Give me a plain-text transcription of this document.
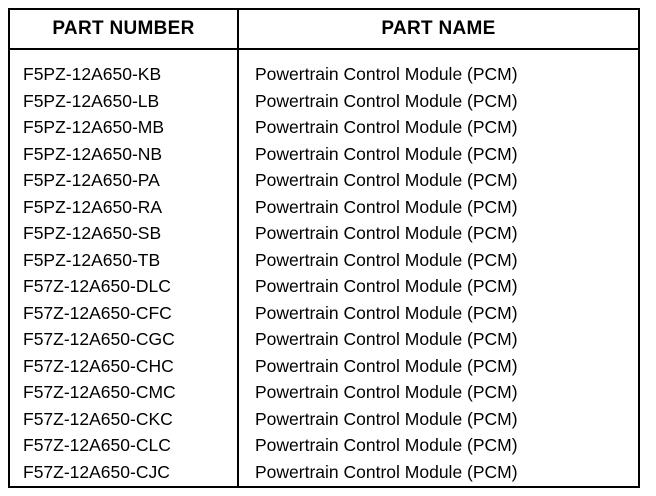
PART NUMBER	PART NAME
F5PZ-12A650-KB
F5PZ-12A650-LB
F5PZ-12A650-MB
F5PZ-12A650-NB
F5PZ-12A650-PA
F5PZ-12A650-RA
F5PZ-12A650-SB
F5PZ-12A650-TB
F57Z-12A650-DLC
F57Z-12A650-CFC
F57Z-12A650-CGC
F57Z-12A650-CHC
F57Z-12A650-CMC
F57Z-12A650-CKC
F57Z-12A650-CLC
F57Z-12A650-CJC
Powertrain Control Module (PCM)
Powertrain Control Module (PCM)
Powertrain Control Module (PCM)
Powertrain Control Module (PCM)
Powertrain Control Module (PCM)
Powertrain Control Module (PCM)
Powertrain Control Module (PCM)
Powertrain Control Module (PCM)
Powertrain Control Module (PCM)
Powertrain Control Module (PCM)
Powertrain Control Module (PCM)
Powertrain Control Module (PCM)
Powertrain Control Module (PCM)
Powertrain Control Module (PCM)
Powertrain Control Module (PCM)
Powertrain Control Module (PCM)
